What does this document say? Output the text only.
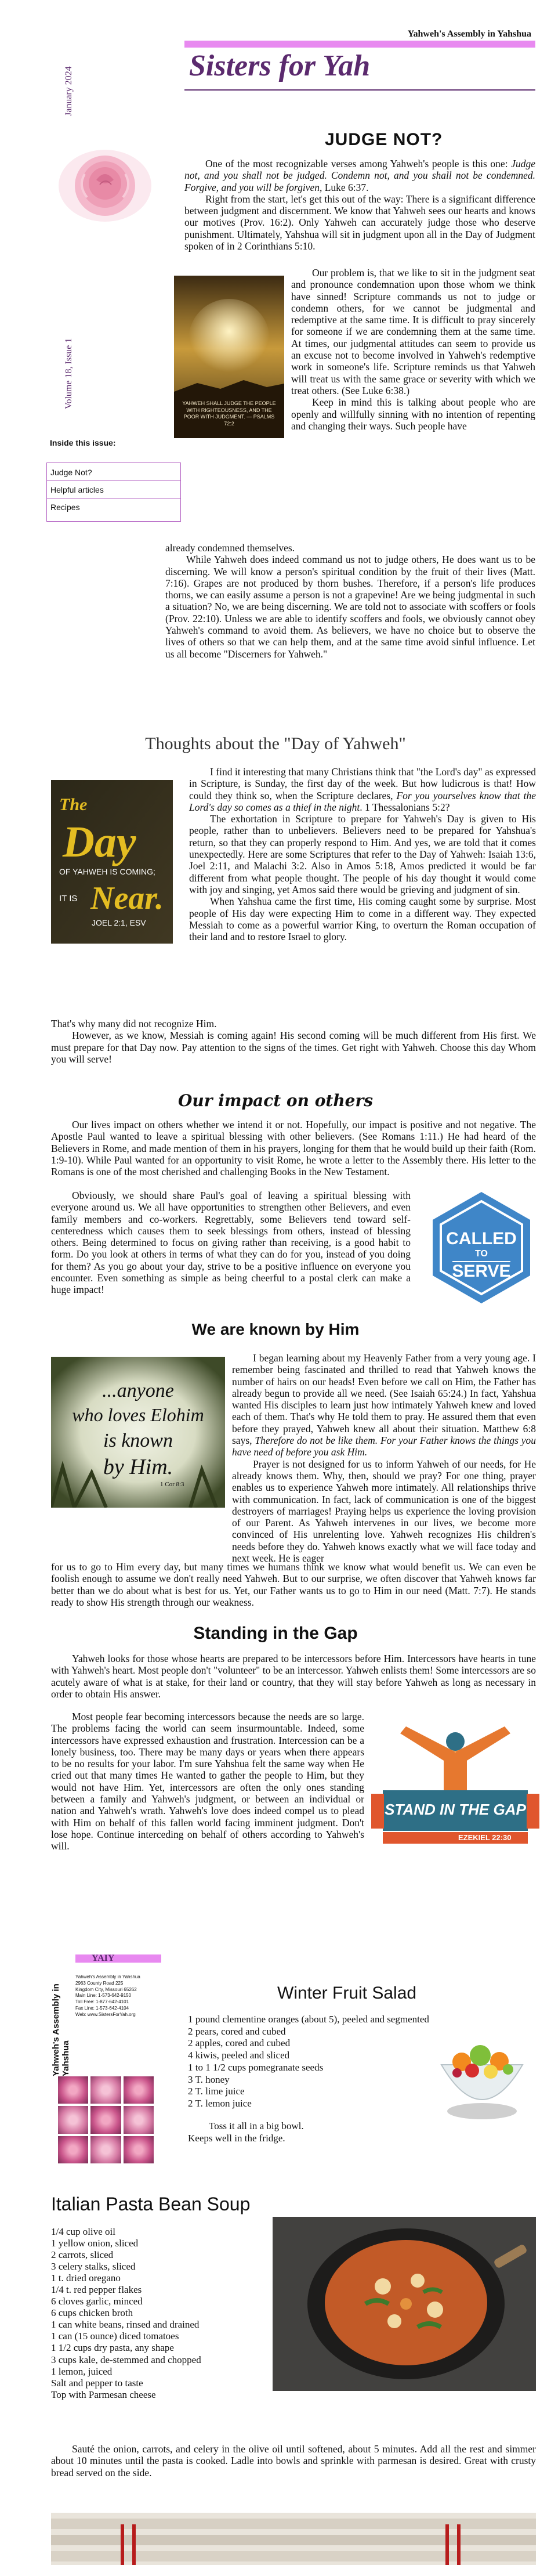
Yahweh's Assembly in Yahshua
Sisters for Yah
January 2024
Volume 18, Issue 1
Inside this issue:
Judge Not?
Helpful articles
Recipes
JUDGE NOT?

One of the most recognizable verses among Yahweh's people is this one: Judge not, and you shall not be judged. Condemn not, and you shall not be condemned. Forgive, and you will be forgiven, Luke 6:37.

Right from the start, let's get this out of the way: There is a significant difference between judgment and discernment. We know that Yahweh sees our hearts and knows our motives (Prov. 16:2). Only Yahweh can accurately judge those who deserve punishment. Ultimately, Yahshua will sit in judgment upon all in the Day of Judgment spoken of in 2 Corinthians 5:10.

YAHWEH SHALL JUDGE THE PEOPLE WITH RIGHTEOUSNESS, AND THE POOR WITH JUDGMENT. — PSALMS 72:2

Our problem is, that we like to sit in the judgment seat and pronounce condemnation upon those whom we think have sinned! Scripture commands us not to judge or condemn others, for we cannot be judgmental and redemptive at the same time. It is difficult to pray sincerely for someone if we are condemning them at the same time. At times, our judgmental attitudes can seem to provide us an excuse not to become involved in Yahweh's redemptive work in someone's life. Scripture reminds us that Yahweh will treat us with the same grace or severity with which we treat others. (See Luke 6:38.)

Keep in mind this is talking about people who are openly and willfully sinning with no intention of repenting and changing their ways. Such people have

already condemned themselves.

While Yahweh does indeed command us not to judge others, He does want us to be discerning. We will know a person's spiritual condition by the fruit of their lives (Matt. 7:16). Grapes are not produced by thorn bushes. Therefore, if a person's life produces thorns, we can easily assume a person is not a grapevine! Are we being judgmental in such a situation? No, we are being discerning. We are told not to associate with scoffers or fools (Prov. 22:10). Unless we are able to identify scoffers and fools, we obviously cannot obey Yahweh's command to avoid them. As believers, we have no choice but to observe the lives of others so that we can help them, and at the same time avoid sinful influence. Let us all become "Discerners for Yahweh."

Thoughts about the "Day of Yahweh"
The
Day
OF YAHWEH IS COMING;
IT IS Near.
JOEL 2:1, ESV

I find it interesting that many Christians think that "the Lord's day" as expressed in Scripture, is Sunday, the first day of the week. But how ludicrous is that! How could they think so, when the Scripture declares, For you yourselves know that the Lord's day so comes as a thief in the night. 1 Thessalonians 5:2?

The exhortation in Scripture to prepare for Yahweh's Day is given to His people, rather than to unbelievers. Believers need to be prepared for Yahshua's return, so that they can properly respond to Him. And yes, we are told that it comes unexpectedly. Here are some Scriptures that refer to the Day of Yahweh: Isaiah 13:6, Joel 2:11, and Malachi 3:2. Also in Amos 5:18, Amos predicted it would be far different from what people thought. The people of his day thought it would come with joy and singing, yet Amos said there would be grieving and judgment of sin.

When Yahshua came the first time, His coming caught some by surprise. Most people of His day were expecting Him to come in a different way. They expected Messiah to come as a powerful warrior King, to overturn the Roman occupation of their land and to restore Israel to glory.

That's why many did not recognize Him.

However, as we know, Messiah is coming again! His second coming will be much different from His first. We must prepare for that Day now. Pay attention to the signs of the times. Get right with Yahweh. Choose this day Whom you will serve!

Our impact on others

Our lives impact on others whether we intend it or not. Hopefully, our impact is positive and not negative. The Apostle Paul wanted to leave a spiritual blessing with other believers. (See Romans 1:11.) He had heard of the Believers in Rome, and made mention of them in his prayers, longing for them that he would build up their faith (Rom. 1:9-10). While Paul wanted for an opportunity to visit Rome, he wrote a letter to the Assembly there. His letter to the Romans is one of the most cherished and challenging Books in the New Testament.

Obviously, we should share Paul's goal of leaving a spiritual blessing with everyone around us. We all have opportunities to strengthen other Believers, and even family members and co-workers. Regrettably, some Believers tend toward self-centeredness which causes them to seek blessings from others, instead of blessing others. Being determined to focus on giving rather than receiving, is a good habit to form. Do you look at others in terms of what they can do for you, instead of you doing for them? As you go about your day, strive to be a positive influence on everyone you encounter. Even something as simple as being cheerful to a postal clerk can make a huge impact!

CALLED
TO
SERVE
We are known by Him
...anyone
who loves Elohim
is known
by Him.
1 Cor 8:3

I began learning about my Heavenly Father from a very young age. I remember being fascinated and thrilled to read that Yahweh knows the number of hairs on our heads! Even before we call on Him, the Father has already begun to provide all we need. (See Isaiah 65:24.) In fact, Yahshua wanted His disciples to learn just how intimately Yahweh knew and loved each of them. That's why He told them to pray. He assured them that even before they prayed, Yahweh knew all about their situation. Matthew 6:8 says, Therefore do not be like them. For your Father knows the things you have need of before you ask Him.

Prayer is not designed for us to inform Yahweh of our needs, for He already knows them. Why, then, should we pray? For one thing, prayer enables us to experience Yahweh more intimately. All relationships thrive with communication. In fact, lack of communication is one of the biggest destroyers of marriages! Praying helps us experience the loving provision of our Parent. As Yahweh intervenes in our lives, we become more convinced of His unrelenting love. Yahweh recognizes His children's needs before they do. Yahweh knows exactly what we will face today and next week. He is eager

for us to go to Him every day, but many times we humans think we know what would benefit us. We can even be foolish enough to assume we don't really need Yahweh. But to our surprise, we often discover that Yahweh knows far better than we do about what is best for us. Yet, our Father wants us to go to Him in our need (Matt. 7:7). He stands ready to show His strength through our weakness.

Standing in the Gap

Yahweh looks for those whose hearts are prepared to be intercessors before Him. Intercessors have hearts in tune with Yahweh's heart. Most people don't "volunteer" to be an intercessor. Yahweh enlists them! Some intercessors are so acutely aware of what is at stake, for their land or country, that they will stay before Yahweh as long as necessary in order to obtain His answer.

Most people fear becoming intercessors because the needs are so large. The problems facing the world can seem insurmountable. Indeed, some intercessors have expressed exhaustion and frustration. Intercession can be a lonely business, too. There may be many days or years when there appears to be no results for your labor. I'm sure Yahshua felt the same way when He cried out that many times He wanted to gather the people to Him, but they would not have Him. Yet, intercessors are often the only ones standing between a family and Yahweh's judgment, or between an individual or nation and Yahweh's wrath. Yahweh's love does indeed compel us to plead with Him on behalf of this fallen world facing imminent judgment. Don't lose hope. Continue interceding on behalf of others according to Yahweh's will.

STAND IN THE GAP
EZEKIEL 22:30
Yahweh's Assembly in Yahshua
YAIY
Yahweh's Assembly in Yahshua
2963 County Road 225
Kingdom City, Missouri 65262
Main Line: 1-573-642-9150
Toll Free: 1-877-642-4101
Fax Line: 1-573-642-4104
Web: www.SistersForYah.org
Winter Fruit Salad
1 pound clementine oranges (about 5), peeled and segmented
2 pears, cored and cubed
2 apples, cored and cubed
4 kiwis, peeled and sliced
1 to 1 1/2 cups pomegranate seeds
3 T. honey
2 T. lime juice
2 T. lemon juice
Toss it all in a big bowl. Keeps well in the fridge.
Italian Pasta Bean Soup
1/4 cup olive oil
1 yellow onion, sliced
2 carrots, sliced
3 celery stalks, sliced
1 t. dried oregano
1/4 t. red pepper flakes
6 cloves garlic, minced
6 cups chicken broth
1 can white beans, rinsed and drained
1 can (15 ounce) diced tomatoes
1 1/2 cups dry pasta, any shape
3 cups kale, de-stemmed and chopped
1 lemon, juiced
Salt and pepper to taste
Top with Parmesan cheese

Sauté the onion, carrots, and celery in the olive oil until softened, about 5 minutes. Add all the rest and simmer about 10 minutes until the pasta is cooked. Ladle into bowls and sprinkle with parmesan is desired. Great with crusty bread served on the side.
